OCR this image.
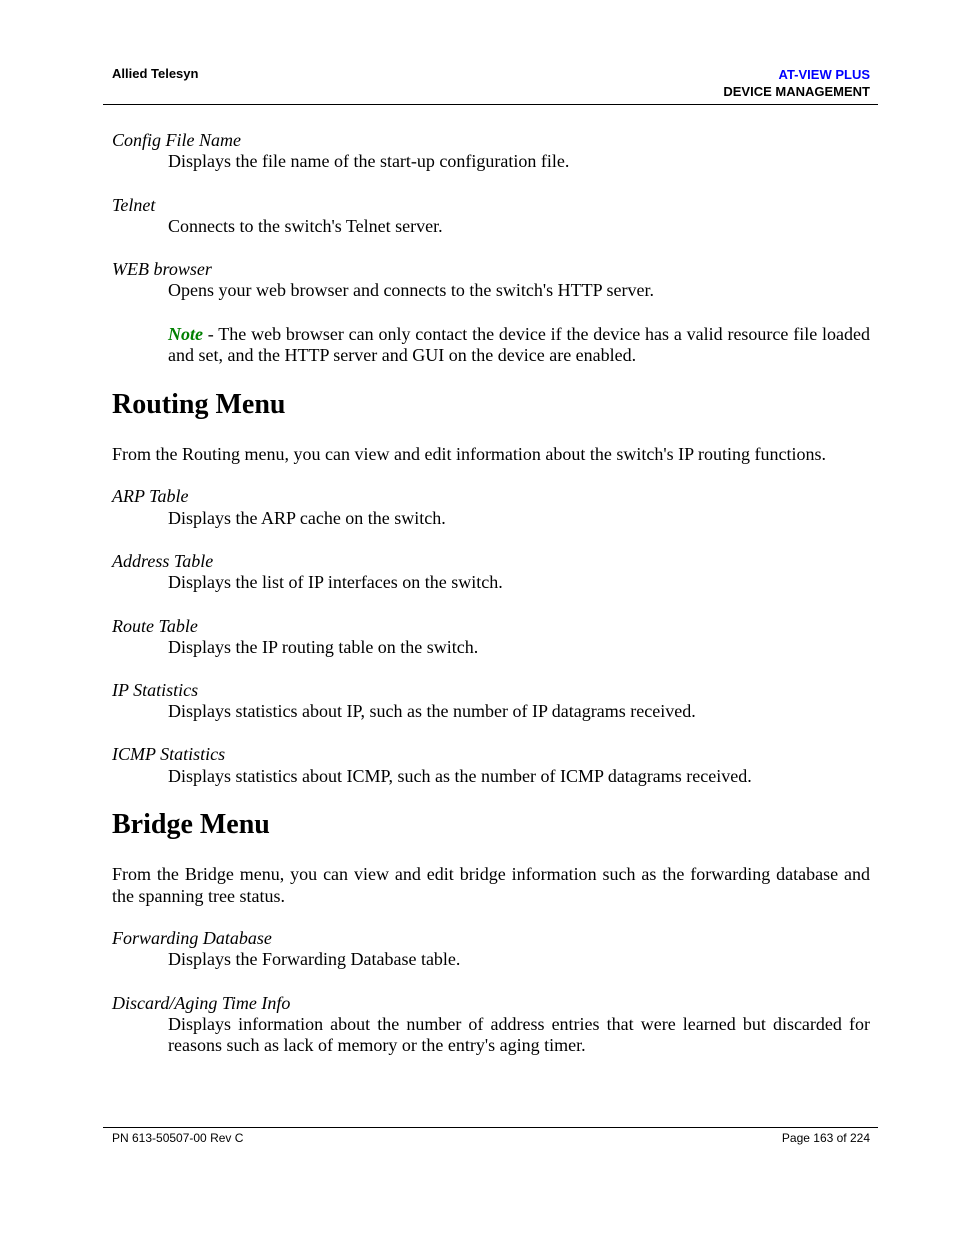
Allied Telesyn	AT-VIEW PLUS
DEVICE MANAGEMENT
Config File Name
Displays the file name of the start-up configuration file.
Telnet
Connects to the switch's Telnet server.
WEB browser
Opens your web browser and connects to the switch's HTTP server.
Note - The web browser can only contact the device if the device has a valid resource file loaded and set, and the HTTP server and GUI on the device are enabled.
Routing Menu
From the Routing menu, you can view and edit information about the switch's IP routing functions.
ARP Table
Displays the ARP cache on the switch.
Address Table
Displays the list of IP interfaces on the switch.
Route Table
Displays the IP routing table on the switch.
IP Statistics
Displays statistics about IP, such as the number of IP datagrams received.
ICMP Statistics
Displays statistics about ICMP, such as the number of ICMP datagrams received.
Bridge Menu
From the Bridge menu, you can view and edit bridge information such as the forwarding database and the spanning tree status.
Forwarding Database
Displays the Forwarding Database table.
Discard/Aging Time Info
Displays information about the number of address entries that were learned but discarded for reasons such as lack of memory or the entry's aging timer.
PN 613-50507-00 Rev C	Page 163 of 224
